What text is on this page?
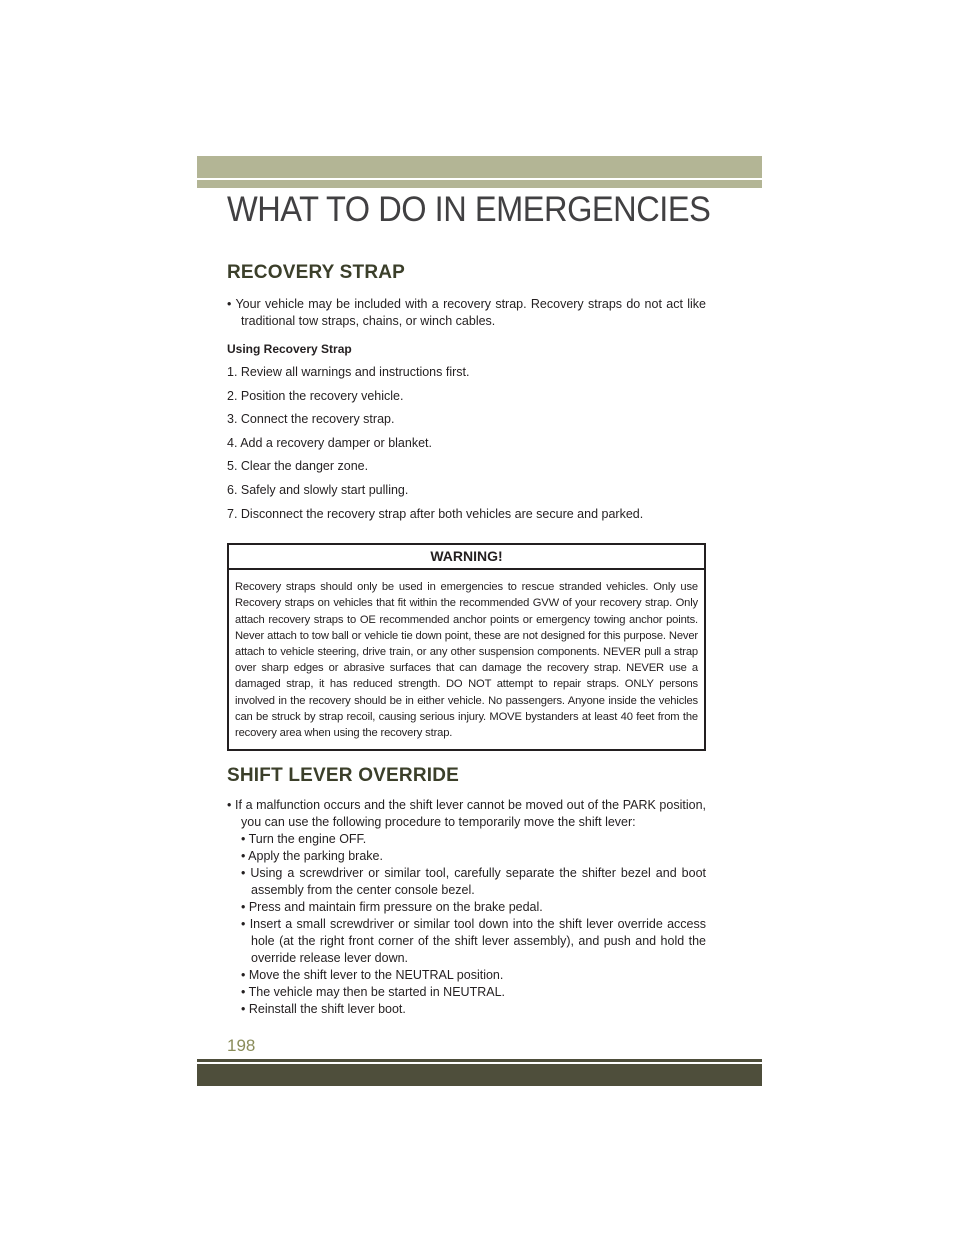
WHAT TO DO IN EMERGENCIES
RECOVERY STRAP

• Your vehicle may be included with a recovery strap. Recovery straps do not act like traditional tow straps, chains, or winch cables.

Using Recovery Strap
1. Review all warnings and instructions first.
2. Position the recovery vehicle.
3. Connect the recovery strap.
4. Add a recovery damper or blanket.
5. Clear the danger zone.
6. Safely and slowly start pulling.
7. Disconnect the recovery strap after both vehicles are secure and parked.
WARNING!
Recovery straps should only be used in emergencies to rescue stranded vehicles. Only use Recovery straps on vehicles that fit within the recommended GVW of your recovery strap. Only attach recovery straps to OE recommended anchor points or emergency towing anchor points. Never attach to tow ball or vehicle tie down point, these are not designed for this purpose. Never attach to vehicle steering, drive train, or any other suspension components. NEVER pull a strap over sharp edges or abrasive surfaces that can damage the recovery strap. NEVER use a damaged strap, it has reduced strength. DO NOT attempt to repair straps. ONLY persons involved in the recovery should be in either vehicle. No passengers. Anyone inside the vehicles can be struck by strap recoil, causing serious injury. MOVE bystanders at least 40 feet from the recovery area when using the recovery strap.
SHIFT LEVER OVERRIDE

• If a malfunction occurs and the shift lever cannot be moved out of the PARK position, you can use the following procedure to temporarily move the shift lever:

• Turn the engine OFF.
• Apply the parking brake.
• Using a screwdriver or similar tool, carefully separate the shifter bezel and boot assembly from the center console bezel.
• Press and maintain firm pressure on the brake pedal.
• Insert a small screwdriver or similar tool down into the shift lever override access hole (at the right front corner of the shift lever assembly), and push and hold the override release lever down.
• Move the shift lever to the NEUTRAL position.
• The vehicle may then be started in NEUTRAL.
• Reinstall the shift lever boot.

198
